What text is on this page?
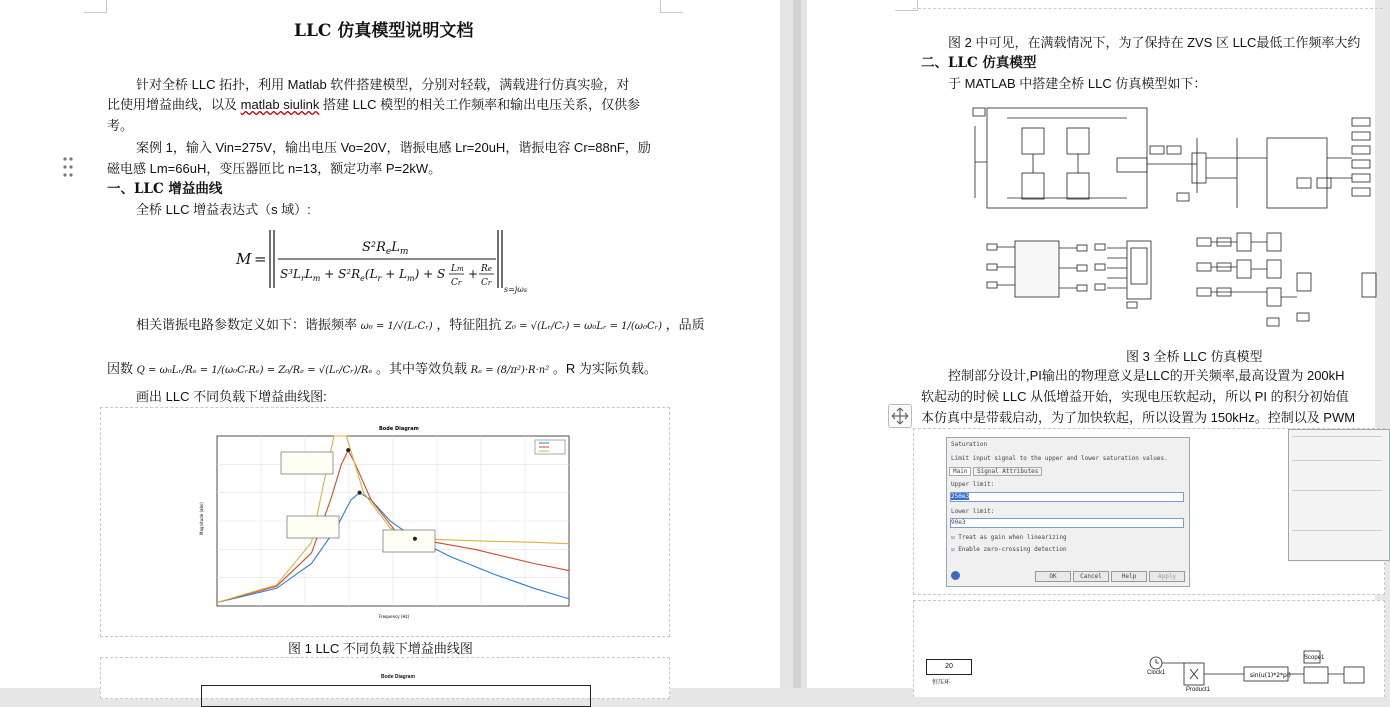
LLC 仿真模型说明文档
针对全桥 LLC 拓扑，利用 Matlab 软件搭建模型，分别对轻载，满载进行仿真实验，对
比使用增益曲线，以及 matlab siulink 搭建 LLC 模型的相关工作频率和输出电压关系，仅供参
考。
案例 1，输入 Vin=275V，输出电压 Vo=20V，谐振电感 Lr=20uH，谐振电容 Cr=88nF，励
磁电感 Lm=66uH，变压器匝比 n=13，额定功率 P=2kW。
一、LLC 增益曲线
全桥 LLC 增益表达式（s 域）:
M =
$S^2R_eL_m$
$S^3L_rL_m + S^2R_e(L_r + L_m) + S$ Lm
Cr
+ Re
Cr
s=jωs
相关谐振电路参数定义如下：谐振频率 ω₀ = 1/√(LᵣCᵣ) ，特征阻抗 Z₀ = √(Lᵣ/Cᵣ) = ω₀Lᵣ = 1/(ω₀Cᵣ) ，品质
因数 Q = ω₀Lᵣ/Rₑ = 1/(ω₀CᵣRₑ) = Z₀/Rₑ = √(Lᵣ/Cᵣ)/Rₑ 。其中等效负载 Rₑ = (8/π²)·R·n² 。R 为实际负载。
画出 LLC 不同负载下增益曲线图:
Bode Diagram
Frequency (Hz)
Magnitude (abs)
图 1 LLC 不同负载下增益曲线图
Bode Diagram
图 2 中可见，在满载情况下，为了保持在 ZVS 区 LLC最低工作频率大约
二、LLC 仿真模型
于 MATLAB 中搭建全桥 LLC 仿真模型如下：
图 3 全桥 LLC 仿真模型
控制部分设计,PI输出的物理意义是LLC的开关频率,最高设置为 200kH
软起动的时候 LLC 从低增益开始，实现电压软起动，所以 PI 的积分初始值
本仿真中是带载启动，为了加快软起，所以设置为 150kHz。控制以及 PWM
Saturation
Limit input signal to the upper and lower saturation values.
Main	Signal Attributes
Upper limit:
250e3
Lower limit:
90e3
☑ Treat as gain when linearizing
☑ Enable zero-crossing detection
OK	Cancel	Help	Apply
20
恒压环
sin(u(1)*2*pi)
Clock1
Scope1
Product1
